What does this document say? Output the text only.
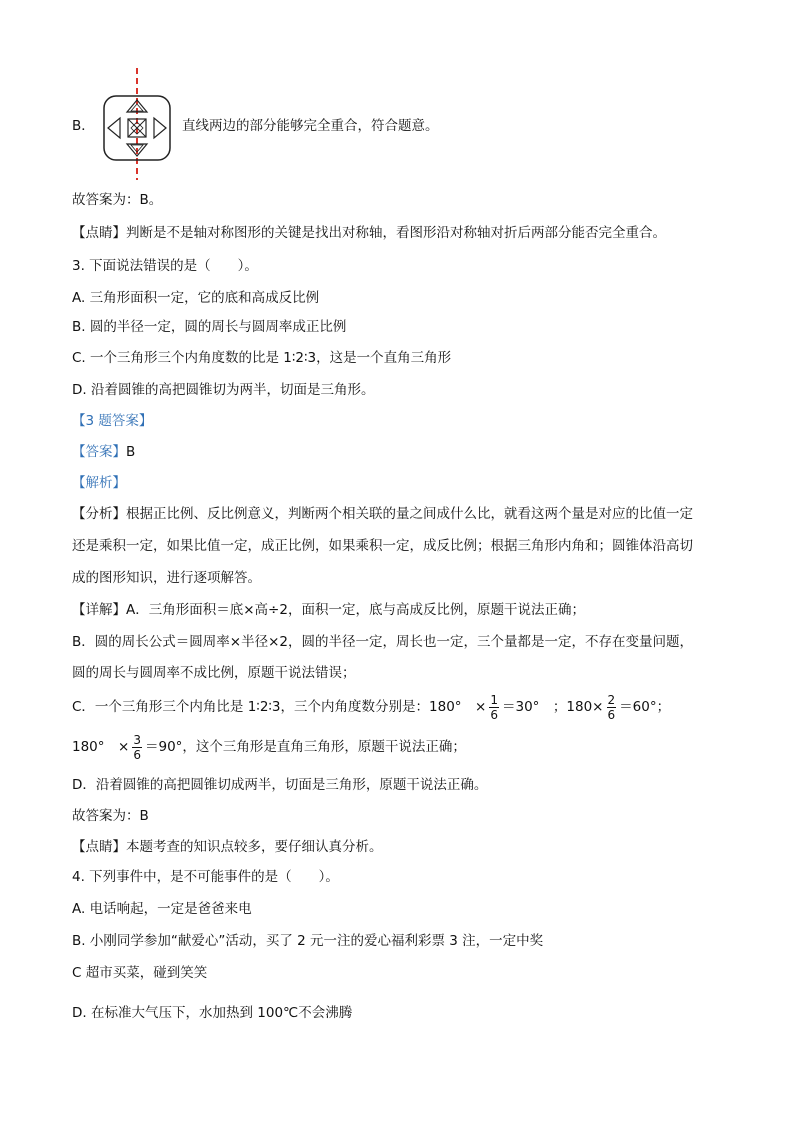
B．	直线两边的部分能够完全重合，符合题意。
故答案为：B。
【点睛】判断是不是轴对称图形的关键是找出对称轴，看图形沿对称轴对折后两部分能否完全重合。
3. 下面说法错误的是（　　）。
A. 三角形面积一定，它的底和高成反比例
B. 圆的半径一定，圆的周长与圆周率成正比例
C. 一个三角形三个内角度数的比是 1∶2∶3，这是一个直角三角形
D. 沿着圆锥的高把圆锥切为两半，切面是三角形。
【3 题答案】
【答案】B
【解析】
【分析】根据正比例、反比例意义，判断两个相关联的量之间成什么比，就看这两个量是对应的比值一定
还是乘积一定，如果比值一定，成正比例，如果乘积一定，成反比例；根据三角形内角和；圆锥体沿高切
成的图形知识，进行逐项解答。
【详解】A．三角形面积＝底×高÷2，面积一定，底与高成反比例，原题干说法正确；
B．圆的周长公式＝圆周率×半径×2，圆的半径一定，周长也一定，三个量都是一定，不存在变量问题，
圆的周长与圆周率不成比例，原题干说法错误；
C．一个三角形三个内角比是 1∶2∶3，三个内角度数分别是：180°　× $\frac{1}{6} =30^\circ$　；$180\times \frac{2}{6} =60^\circ$；
180°　× $\frac{3}{6} =90^\circ$，这个三角形是直角三角形，原题干说法正确；
D．沿着圆锥的高把圆锥切成两半，切面是三角形，原题干说法正确。
故答案为：B
【点睛】本题考查的知识点较多，要仔细认真分析。
4. 下列事件中，是不可能事件的是（　　）。
A. 电话响起，一定是爸爸来电
B. 小刚同学参加“献爱心”活动，买了 2 元一注的爱心福利彩票 3 注，一定中奖
C 超市买菜，碰到笑笑
D. 在标准大气压下，水加热到 100℃不会沸腾
